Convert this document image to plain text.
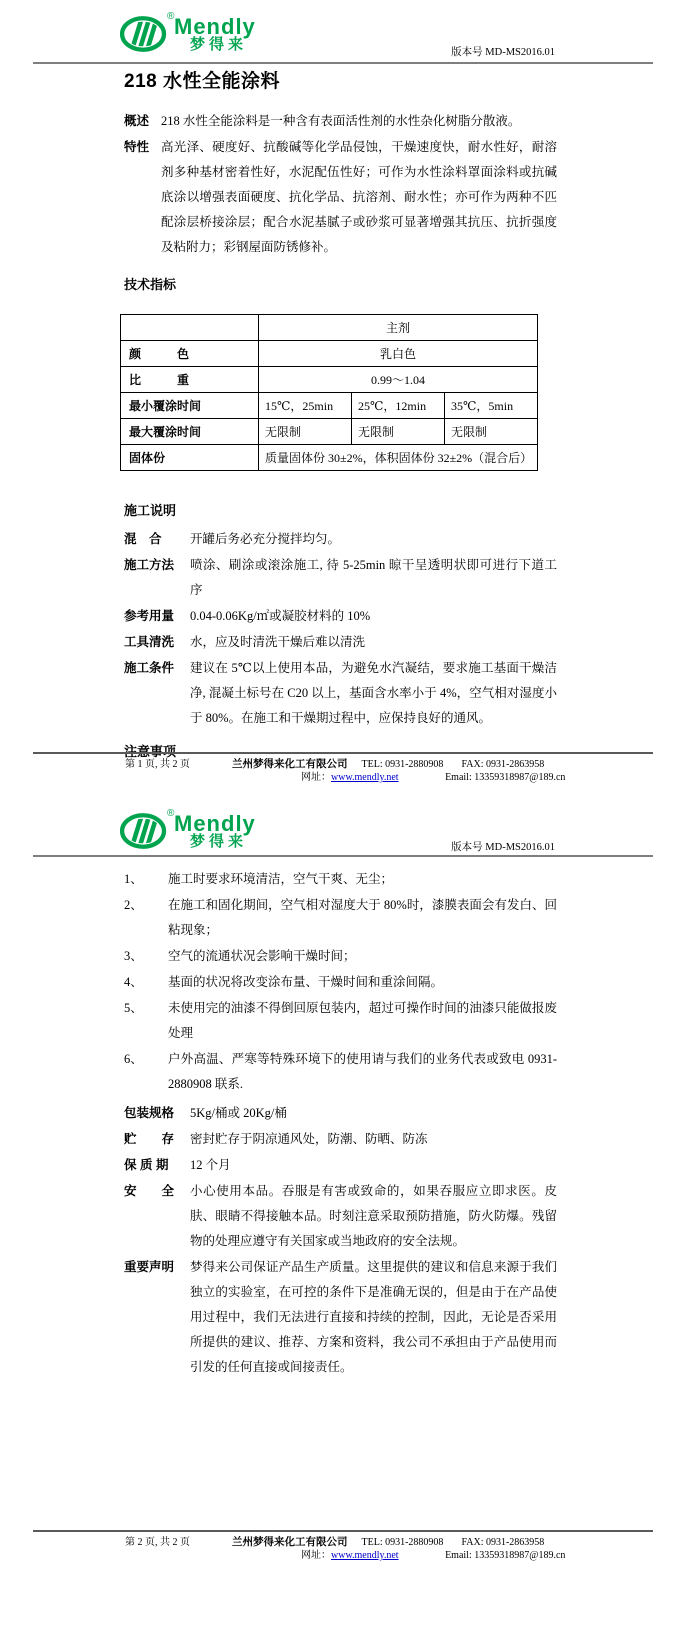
® Mendly
梦得来	版本号 MD-MS2016.01
218 水性全能涂料
概述 218 水性全能涂料是一种含有表面活性剂的水性杂化树脂分散液。
特性 高光泽、硬度好、抗酸碱等化学品侵蚀，干燥速度快，耐水性好，耐溶剂多种基材密着性好，水泥配伍性好；可作为水性涂料罩面涂料或抗碱底涂以增强表面硬度、抗化学品、抗溶剂、耐水性；亦可作为两种不匹配涂层桥接涂层；配合水泥基腻子或砂浆可显著增强其抗压、抗折强度及粘附力；彩钢屋面防锈修补。
技术指标
	主剂		
颜　　　色	乳白色		
比　　　重	0.99～1.04		
最小覆涂时间	15℃，25min	25℃，12min	35℃，5min
最大覆涂时间	无限制	无限制	无限制
固体份	质量固体份 30±2%，体积固体份 32±2%（混合后）		
施工说明
混　合	开罐后务必充分搅拌均匀。
施工方法	喷涂、刷涂或滚涂施工, 待 5-25min 晾干呈透明状即可进行下道工序
参考用量	0.04-0.06Kg/㎡或凝胶材料的 10%
工具清洗	水，应及时清洗干燥后难以清洗
施工条件	建议在 5℃以上使用本品，为避免水汽凝结，要求施工基面干燥洁净, 混凝土标号在 C20 以上，基面含水率小于 4%，空气相对湿度小于 80%。在施工和干燥期过程中，应保持良好的通风。
注意事项
第 1 页, 共 2 页	兰州梦得来化工有限公司 TEL: 0931-2880908 FAX: 0931-2863958
网址：www.mendly.net	Email: 13359318987@189.cn
® Mendly
梦得来	版本号 MD-MS2016.01
1、	施工时要求环境清洁，空气干爽、无尘；
2、	在施工和固化期间，空气相对湿度大于 80%时，漆膜表面会有发白、回粘现象；
3、	空气的流通状况会影响干燥时间；
4、	基面的状况将改变涂布量、干燥时间和重涂间隔。
5、	未使用完的油漆不得倒回原包装内，超过可操作时间的油漆只能做报废处理
6、	户外高温、严寒等特殊环境下的使用请与我们的业务代表或致电 0931-2880908 联系.
包装规格	5Kg/桶或 20Kg/桶
贮　　存	密封贮存于阴凉通风处，防潮、防晒、防冻
保 质 期	12 个月
安　　全	小心使用本品。吞服是有害或致命的，如果吞服应立即求医。皮肤、眼睛不得接触本品。时刻注意采取预防措施，防火防爆。残留物的处理应遵守有关国家或当地政府的安全法规。
重要声明	梦得来公司保证产品生产质量。这里提供的建议和信息来源于我们独立的实验室，在可控的条件下是准确无误的，但是由于在产品使用过程中，我们无法进行直接和持续的控制，因此，无论是否采用所提供的建议、推荐、方案和资料，我公司不承担由于产品使用而引发的任何直接或间接责任。
第 2 页, 共 2 页	兰州梦得来化工有限公司 TEL: 0931-2880908 FAX: 0931-2863958
网址：www.mendly.net	Email: 13359318987@189.cn
